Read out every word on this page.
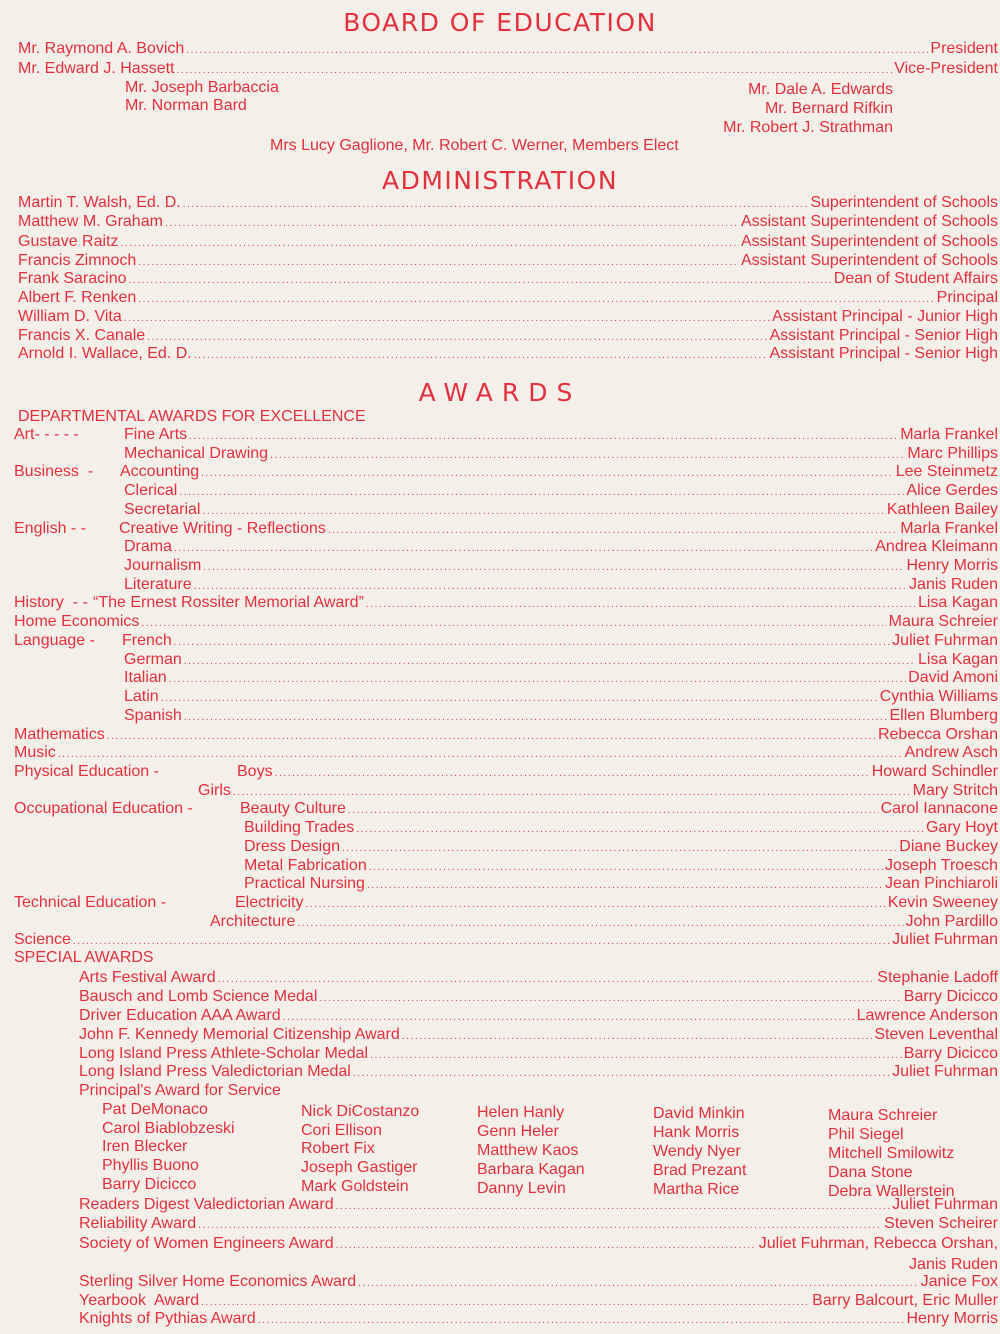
BOARD OF EDUCATION
Mr. Raymond A. Bovich .....	President
Mr. Edward J. Hassett .....	Vice-President
Mr. Joseph Barbaccia
Mr. Norman Bard
Mr. Dale A. Edwards
Mr. Bernard Rifkin
Mr. Robert J. Strathman
Mrs Lucy Gaglione, Mr. Robert C. Werner, Members Elect
ADMINISTRATION
Martin T. Walsh, Ed. D. .....	Superintendent of Schools
Matthew M. Graham .....	Assistant Superintendent of Schools
Gustave Raitz .....	Assistant Superintendent of Schools
Francis Zimnoch .....	Assistant Superintendent of Schools
Frank Saracino .....	Dean of Student Affairs
Albert F. Renken .....	Principal
William D. Vita .....	Assistant Principal - Junior High
Francis X. Canale .....	Assistant Principal - Senior High
Arnold I. Wallace, Ed. D. .....	Assistant Principal - Senior High
AWARDS
DEPARTMENTAL AWARDS FOR EXCELLENCE
Art- - - - -	Fine Arts .....	Marla Frankel
Mechanical Drawing .....	Marc Phillips
Business  -	Accounting .....	Lee Steinmetz
Clerical .....	Alice Gerdes
Secretarial .....	Kathleen Bailey
English - -	Creative Writing - Reflections .....	Marla Frankel
Drama .....	Andrea Kleimann
Journalism .....	Henry Morris
Literature .....	Janis Ruden
History  - - “The Ernest Rossiter Memorial Award” .....	Lisa Kagan
Home Economics .....	Maura Schreier
Language -	French .....	Juliet Fuhrman
German .....	Lisa Kagan
Italian .....	David Amoni
Latin .....	Cynthia Williams
Spanish .....	Ellen Blumberg
Mathematics .....	Rebecca Orshan
Music .....	Andrew Asch
Physical Education -	Boys .....	Howard Schindler
Girls .....	Mary Stritch
Occupational Education -	Beauty Culture .....	Carol Iannacone
Building Trades .....	Gary Hoyt
Dress Design .....	Diane Buckey
Metal Fabrication .....	Joseph Troesch
Practical Nursing .....	Jean Pinchiaroli
Technical Education -	Electricity .....	Kevin Sweeney
Architecture .....	John Pardillo
Science .....	Juliet Fuhrman
SPECIAL AWARDS
Arts Festival Award .....	Stephanie Ladoff
Bausch and Lomb Science Medal .....	Barry Dicicco
Driver Education AAA Award .....	Lawrence Anderson
John F. Kennedy Memorial Citizenship Award .....	Steven Leventhal
Long Island Press Athlete-Scholar Medal .....	Barry Dicicco
Long Island Press Valedictorian Medal .....	Juliet Fuhrman
Principal's Award for Service
Pat DeMonaco
Carol Biablobzeski
Iren Blecker
Phyllis Buono
Barry Dicicco
Nick DiCostanzo
Cori Ellison
Robert Fix
Joseph Gastiger
Mark Goldstein
Helen Hanly
Genn Heler
Matthew Kaos
Barbara Kagan
Danny Levin
David Minkin
Hank Morris
Wendy Nyer
Brad Prezant
Martha Rice
Maura Schreier
Phil Siegel
Mitchell Smilowitz
Dana Stone
Debra Wallerstein
Readers Digest Valedictorian Award .....	Juliet Fuhrman
Reliability Award .....	Steven Scheirer
Society of Women Engineers Award .....	Juliet Fuhrman, Rebecca Orshan,
Janis Ruden
Sterling Silver Home Economics Award .....	Janice Fox
Yearbook  Award .....	Barry Balcourt, Eric Muller
Knights of Pythias Award .....	Henry Morris
